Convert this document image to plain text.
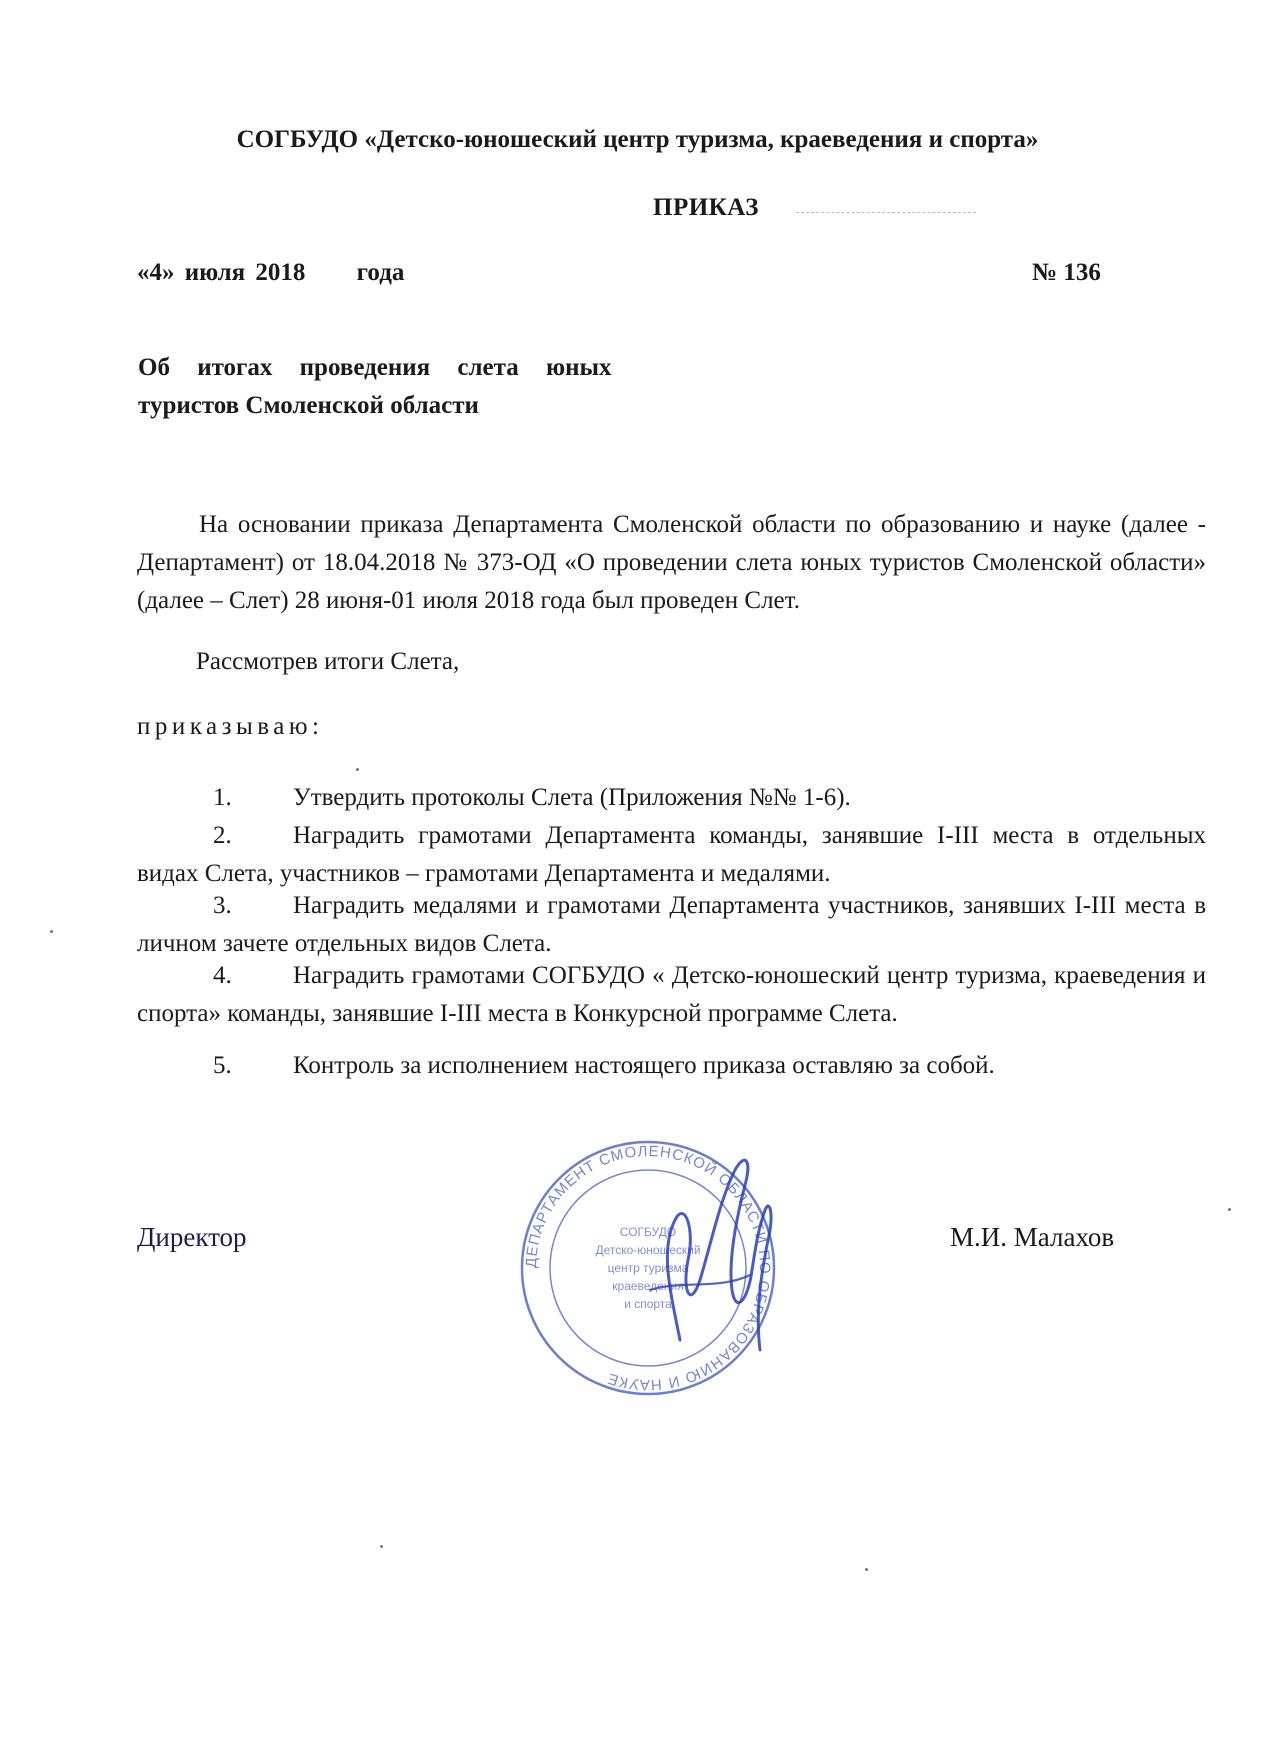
СОГБУДО «Детско-юношеский центр туризма, краеведения и спорта»
ПРИКАЗ
«4» июля 2018     года	№ 136
Об итогах проведения слета юных
туристов Смоленской области
На основании приказа Департамента Смоленской области по образованию и науке (далее - Департамент) от 18.04.2018 № 373-ОД «О проведении слета юных туристов Смоленской области» (далее – Слет) 28 июня-01 июля 2018 года был проведен Слет.
Рассмотрев итоги Слета,
приказываю:
1. Утвердить протоколы Слета (Приложения №№ 1-6).
2. Наградить грамотами Департамента команды, занявшие I-III места в отдельных видах Слета, участников – грамотами Департамента и медалями.
3. Наградить медалями и грамотами Департамента участников, занявших I-III места в личном зачете отдельных видов Слета.
4. Наградить грамотами СОГБУДО « Детско-юношеский центр туризма, краеведения и спорта» команды, занявшие I-III места в Конкурсной программе Слета.
5. Контроль за исполнением настоящего приказа оставляю за собой.
ДЕПАРТАМЕНТ СМОЛЕНСКОЙ ОБЛАСТИ ПО ОБРАЗОВАНИЮ И НАУКЕ
СОГБУДО
Детско-юношеский
центр туризма
краеведения
и спорта
Директор	М.И. Малахов
